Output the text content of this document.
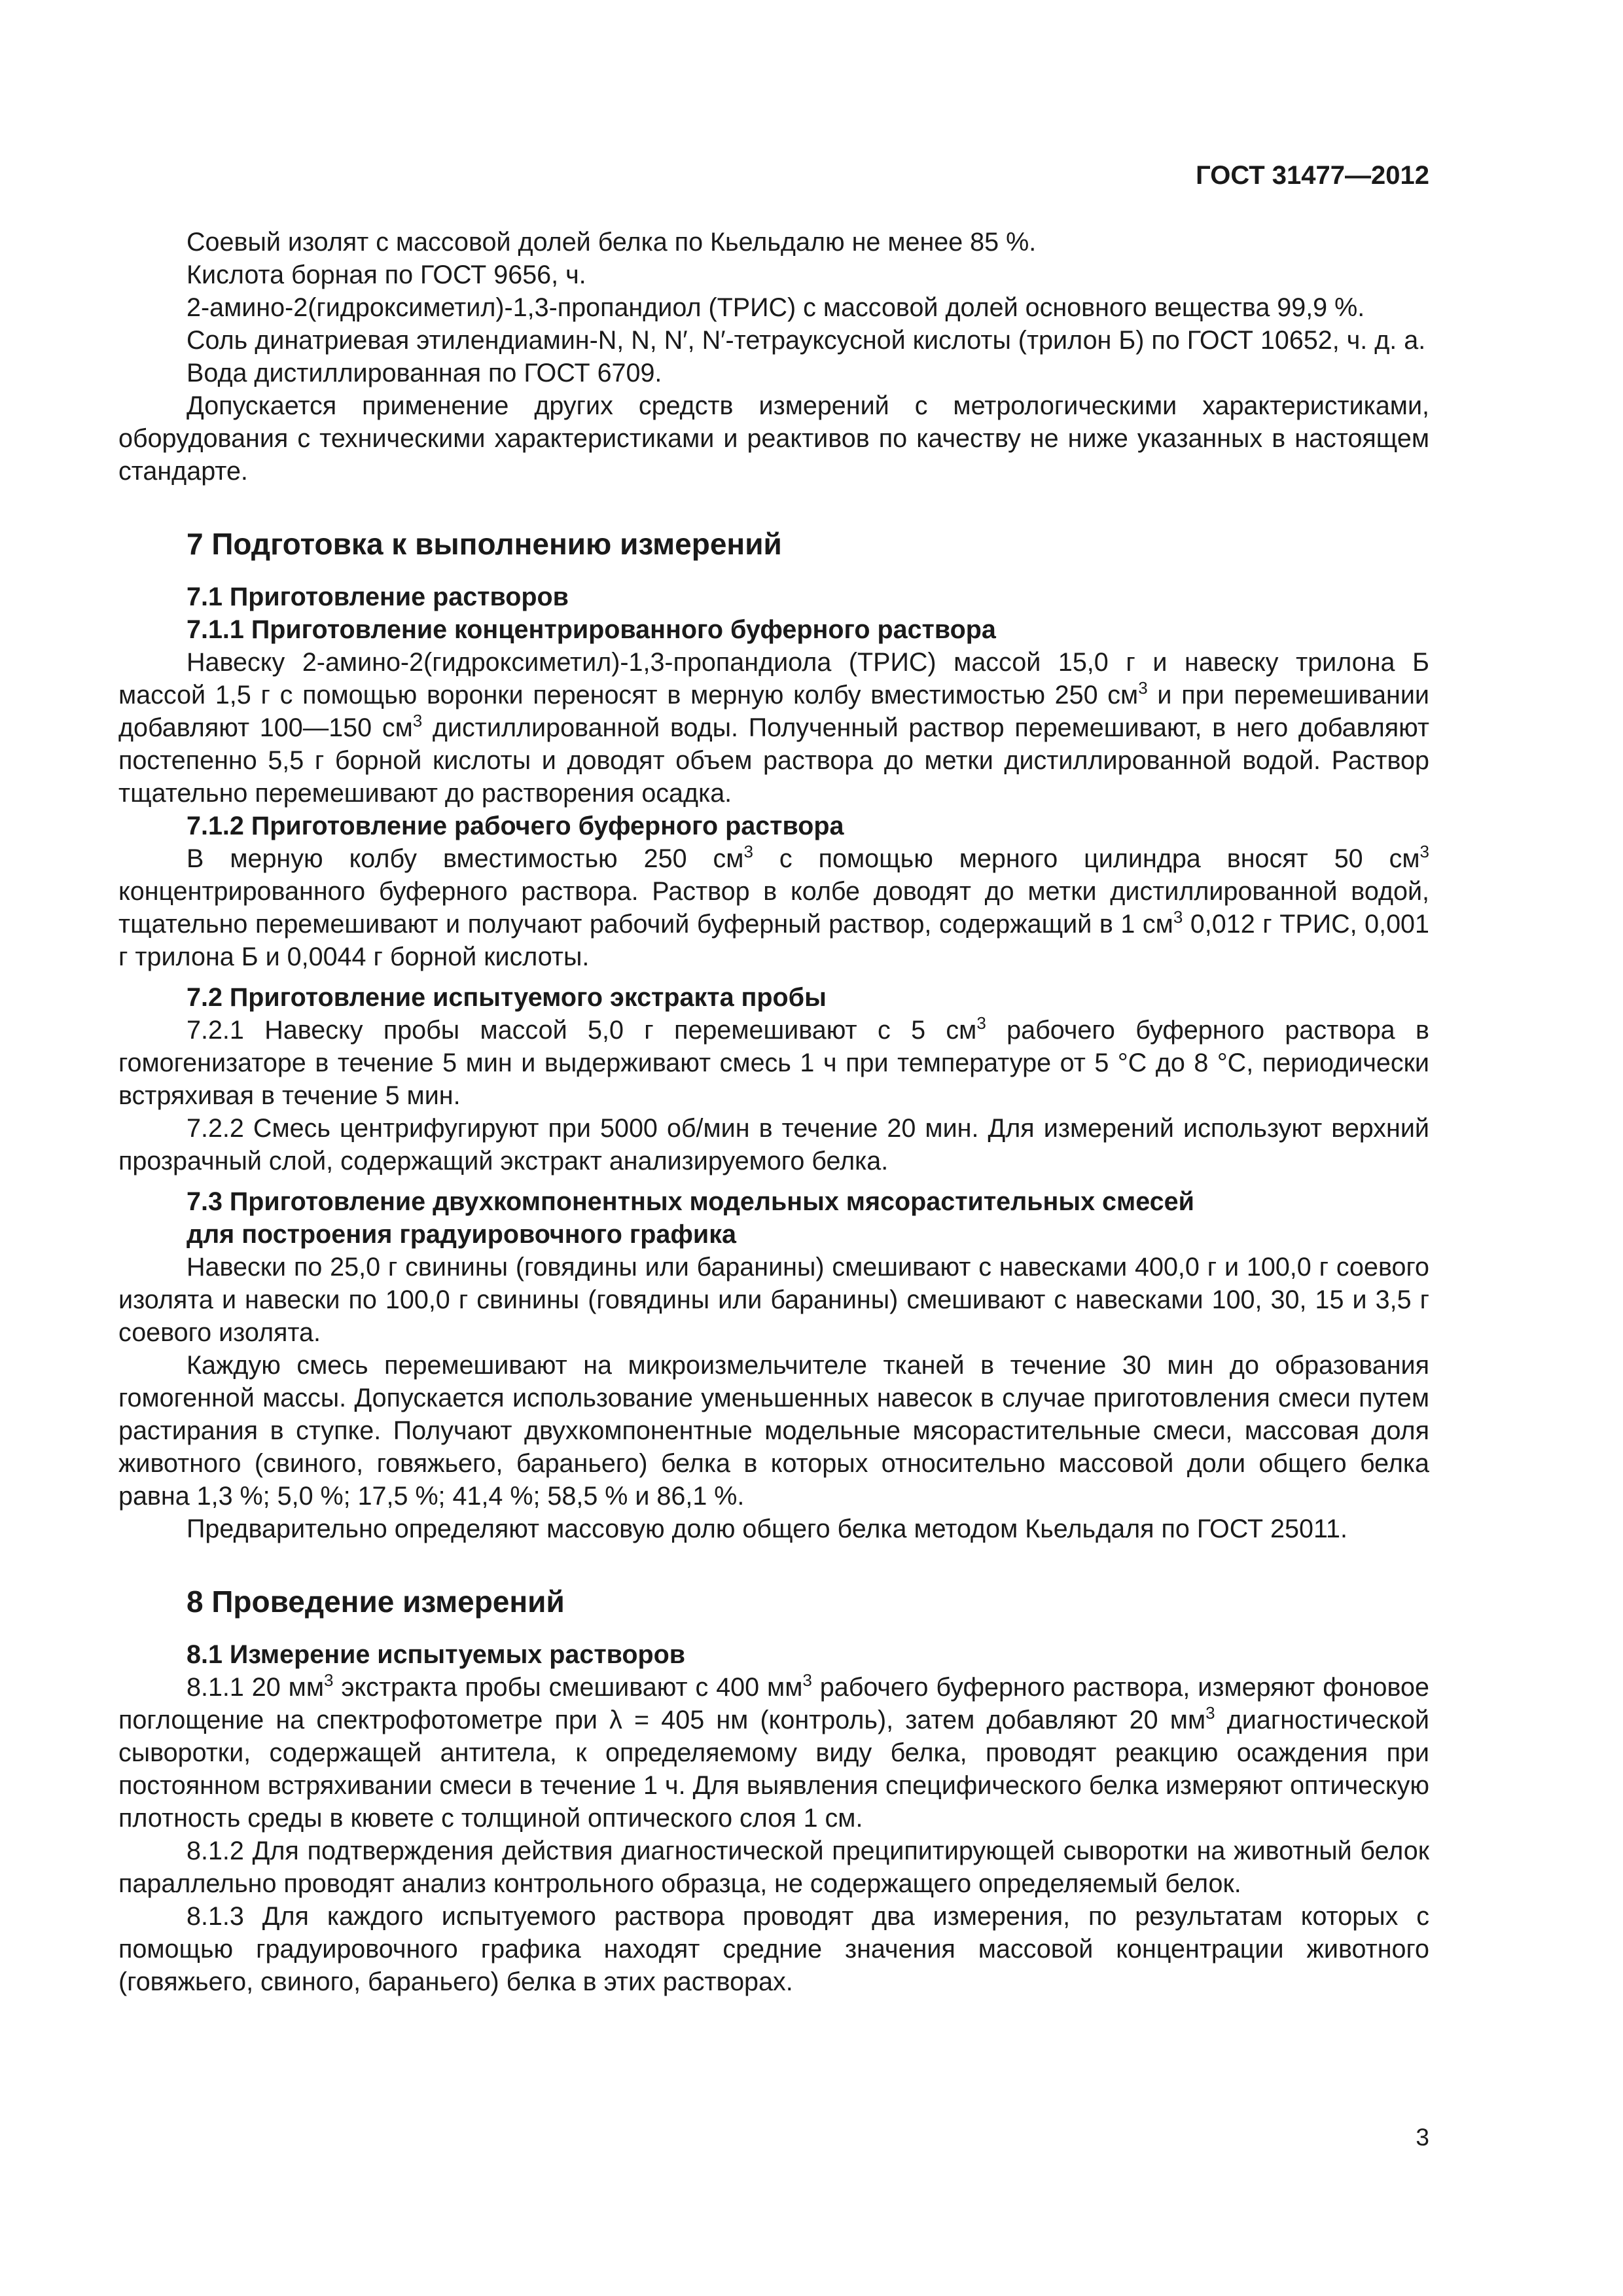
ГОСТ 31477—2012

Соевый изолят с массовой долей белка по Кьельдалю не менее 85 %.

Кислота борная по ГОСТ 9656, ч.

2-амино-2(гидроксиметил)-1,3-пропандиол (ТРИС) с массовой долей основного вещества 99,9 %.

Соль динатриевая этилендиамин-N, N, N′, N′-тетрауксусной кислоты (трилон Б) по ГОСТ 10652, ч. д. а.

Вода дистиллированная по ГОСТ 6709.

Допускается применение других средств измерений с метрологическими характеристиками, оборудования с техническими характеристиками и реактивов по качеству не ниже указанных в настоящем стандарте.

7 Подготовка к выполнению измерений
7.1 Приготовление растворов
7.1.1 Приготовление концентрированного буферного раствора

Навеску 2-амино-2(гидроксиметил)-1,3-пропандиола (ТРИС) массой 15,0 г и навеску трилона Б массой 1,5 г с помощью воронки переносят в мерную колбу вместимостью 250 $см^3$ и при перемешивании добавляют 100—150 $см^3$ дистиллированной воды. Полученный раствор перемешивают, в него добавляют постепенно 5,5 г борной кислоты и доводят объем раствора до метки дистиллированной водой. Раствор тщательно перемешивают до растворения осадка.

7.1.2 Приготовление рабочего буферного раствора

В мерную колбу вместимостью 250 $см^3$ с помощью мерного цилиндра вносят 50 $см^3$ концентрированного буферного раствора. Раствор в колбе доводят до метки дистиллированной водой, тщательно перемешивают и получают рабочий буферный раствор, содержащий в 1 $см^3$ 0,012 г ТРИС, 0,001 г трилона Б и 0,0044 г борной кислоты.

7.2 Приготовление испытуемого экстракта пробы

7.2.1 Навеску пробы массой 5,0 г перемешивают с 5 $см^3$ рабочего буферного раствора в гомогенизаторе в течение 5 мин и выдерживают смесь 1 ч при температуре от 5 °С до 8 °С, периодически встряхивая в течение 5 мин.

7.2.2 Смесь центрифугируют при 5000 об/мин в течение 20 мин. Для измерений используют верхний прозрачный слой, содержащий экстракт анализируемого белка.

7.3 Приготовление двухкомпонентных модельных мясорастительных смесей
для построения градуировочного графика

Навески по 25,0 г свинины (говядины или баранины) смешивают с навесками 400,0 г и 100,0 г соевого изолята и навески по 100,0 г свинины (говядины или баранины) смешивают с навесками 100, 30, 15 и 3,5 г соевого изолята.

Каждую смесь перемешивают на микроизмельчителе тканей в течение 30 мин до образования гомогенной массы. Допускается использование уменьшенных навесок в случае приготовления смеси путем растирания в ступке. Получают двухкомпонентные модельные мясорастительные смеси, массовая доля животного (свиного, говяжьего, бараньего) белка в которых относительно массовой доли общего белка равна 1,3 %; 5,0 %; 17,5 %; 41,4 %; 58,5 % и 86,1 %.

Предварительно определяют массовую долю общего белка методом Кьельдаля по ГОСТ 25011.

8 Проведение измерений
8.1 Измерение испытуемых растворов

8.1.1 20 $мм^3$ экстракта пробы смешивают с 400 $мм^3$ рабочего буферного раствора, измеряют фоновое поглощение на спектрофотометре при λ = 405 нм (контроль), затем добавляют 20 $мм^3$ диагностической сыворотки, содержащей антитела, к определяемому виду белка, проводят реакцию осаждения при постоянном встряхивании смеси в течение 1 ч. Для выявления специфического белка измеряют оптическую плотность среды в кювете с толщиной оптического слоя 1 см.

8.1.2 Для подтверждения действия диагностической преципитирующей сыворотки на животный белок параллельно проводят анализ контрольного образца, не содержащего определяемый белок.

8.1.3 Для каждого испытуемого раствора проводят два измерения, по результатам которых с помощью градуировочного графика находят средние значения массовой концентрации животного (говяжьего, свиного, бараньего) белка в этих растворах.

3
